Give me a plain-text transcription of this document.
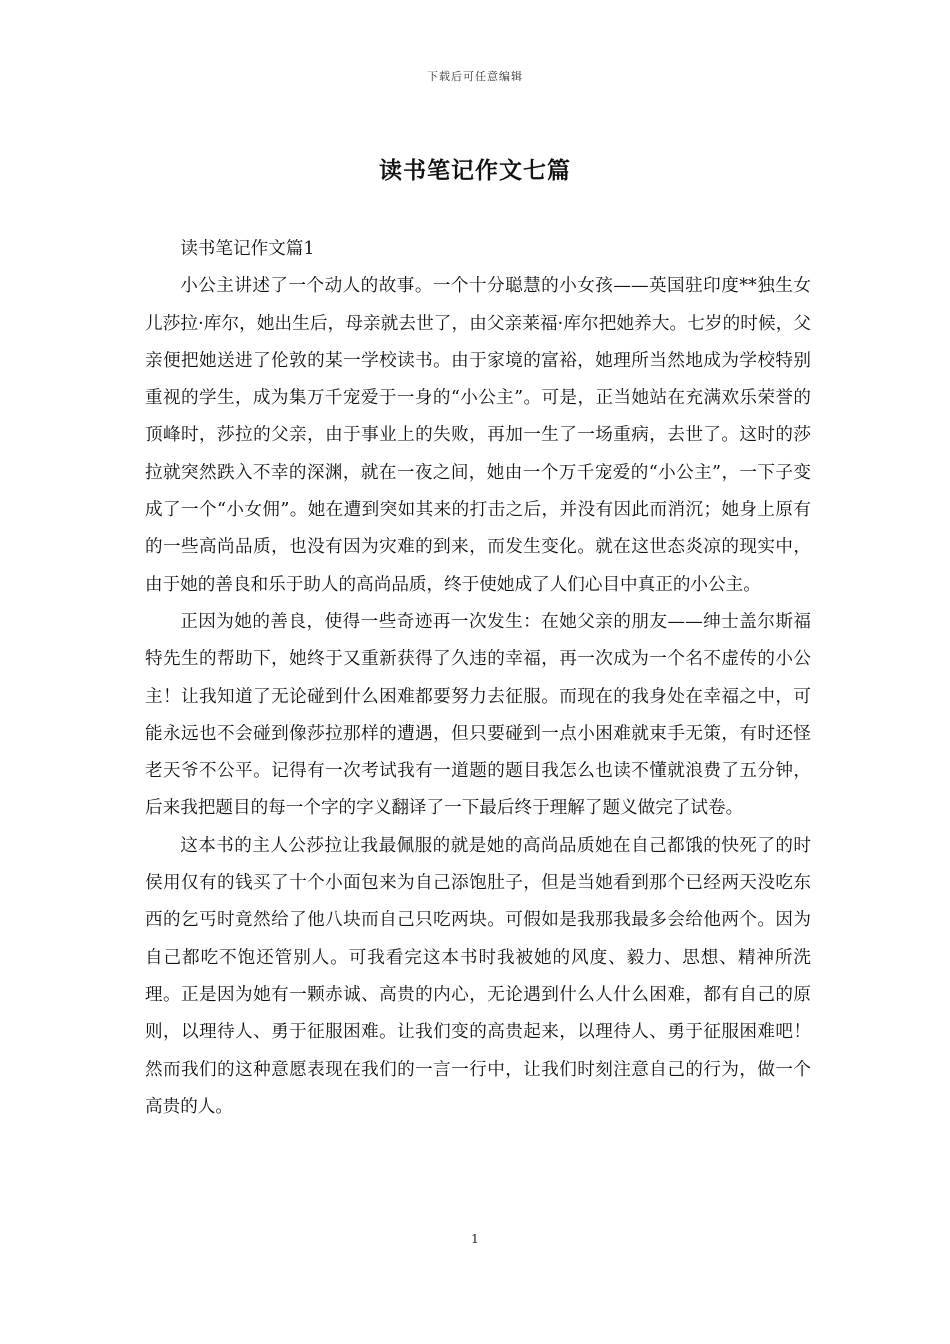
下载后可任意编辑
读书笔记作文七篇

读书笔记作文篇1

小公主讲述了一个动人的故事。一个十分聪慧的小女孩——英国驻印度**独生女儿莎拉·库尔，她出生后，母亲就去世了，由父亲莱福·库尔把她养大。七岁的时候，父亲便把她送进了伦敦的某一学校读书。由于家境的富裕，她理所当然地成为学校特别重视的学生，成为集万千宠爱于一身的“小公主”。可是，正当她站在充满欢乐荣誉的顶峰时，莎拉的父亲，由于事业上的失败，再加一生了一场重病，去世了。这时的莎拉就突然跌入不幸的深渊，就在一夜之间，她由一个万千宠爱的“小公主”，一下子变成了一个“小女佣”。她在遭到突如其来的打击之后，并没有因此而消沉；她身上原有的一些高尚品质，也没有因为灾难的到来，而发生变化。就在这世态炎凉的现实中，由于她的善良和乐于助人的高尚品质，终于使她成了人们心目中真正的小公主。

正因为她的善良，使得一些奇迹再一次发生：在她父亲的朋友——绅士盖尔斯福特先生的帮助下，她终于又重新获得了久违的幸福，再一次成为一个名不虚传的小公主！让我知道了无论碰到什么困难都要努力去征服。而现在的我身处在幸福之中，可能永远也不会碰到像莎拉那样的遭遇，但只要碰到一点小困难就束手无策，有时还怪老天爷不公平。记得有一次考试我有一道题的题目我怎么也读不懂就浪费了五分钟，后来我把题目的每一个字的字义翻译了一下最后终于理解了题义做完了试卷。

这本书的主人公莎拉让我最佩服的就是她的高尚品质她在自己都饿的快死了的时侯用仅有的钱买了十个小面包来为自己添饱肚子，但是当她看到那个已经两天没吃东西的乞丐时竟然给了他八块而自己只吃两块。可假如是我那我最多会给他两个。因为自己都吃不饱还管别人。可我看完这本书时我被她的风度、毅力、思想、精神所洗理。正是因为她有一颗赤诚、高贵的内心，无论遇到什么人什么困难，都有自己的原则，以理待人、勇于征服困难。让我们变的高贵起来，以理待人、勇于征服困难吧！然而我们的这种意愿表现在我们的一言一行中，让我们时刻注意自己的行为，做一个高贵的人。

1
